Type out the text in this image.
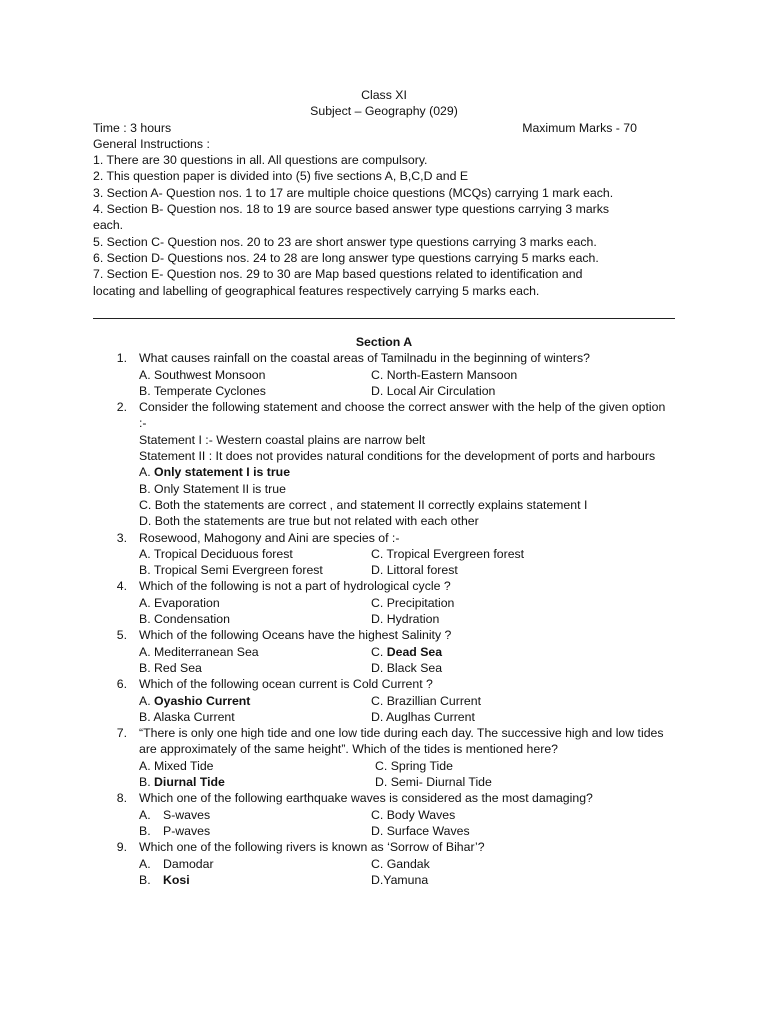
Class XI
Subject – Geography (029)
Time : 3 hours	Maximum Marks - 70
General Instructions :
1. There are 30 questions in all. All questions are compulsory.
2. This question paper is divided into (5) five sections A, B,C,D and E
3. Section A- Question nos. 1 to 17 are multiple choice questions (MCQs) carrying 1 mark each.
4. Section B- Question nos. 18 to 19 are source based answer type questions carrying 3 marks each.
5. Section C- Question nos. 20 to 23 are short answer type questions carrying 3 marks each.
6. Section D- Questions nos. 24 to 28 are long answer type questions carrying 5 marks each.
7. Section E- Question nos. 29 to 30 are Map based questions related to identification and locating and labelling of geographical features respectively carrying 5 marks each.
Section A
1. What causes rainfall on the coastal areas of Tamilnadu in the beginning of winters?
A. Southwest Monsoon	C. North-Eastern Mansoon
B. Temperate Cyclones	D. Local Air Circulation
2. Consider the following statement and choose the correct answer with the help of the given option :-
Statement I :- Western coastal plains are narrow belt
Statement II : It does not provides natural conditions for the development of ports and harbours
A. Only statement I is true
B. Only Statement II is true
C. Both the statements are correct , and statement II correctly explains statement I
D. Both the statements are true but not related with each other
3. Rosewood, Mahogony and Aini are species of :-
A. Tropical Deciduous forest	C. Tropical Evergreen forest
B. Tropical Semi Evergreen forest	D. Littoral forest
4. Which of the following is not a part of hydrological cycle ?
A. Evaporation	C. Precipitation
B. Condensation	D. Hydration
5. Which of the following Oceans have the highest Salinity ?
A. Mediterranean Sea	C. Dead Sea
B. Red Sea	D. Black Sea
6. Which of the following ocean current is Cold Current ?
A. Oyashio Current	C. Brazillian Current
B. Alaska Current	D. Auglhas Current
7. “There is only one high tide and one low tide during each day. The successive high and low tides are approximately of the same height”. Which of the tides is mentioned here?
A. Mixed Tide	C. Spring Tide
B. Diurnal Tide	D. Semi- Diurnal Tide
8. Which one of the following earthquake waves is considered as the most damaging?
A. S-waves	C. Body Waves
B. P-waves	D. Surface Waves
9. Which one of the following rivers is known as ‘Sorrow of Bihar’?
A. Damodar	C. Gandak
B. Kosi	D.Yamuna
